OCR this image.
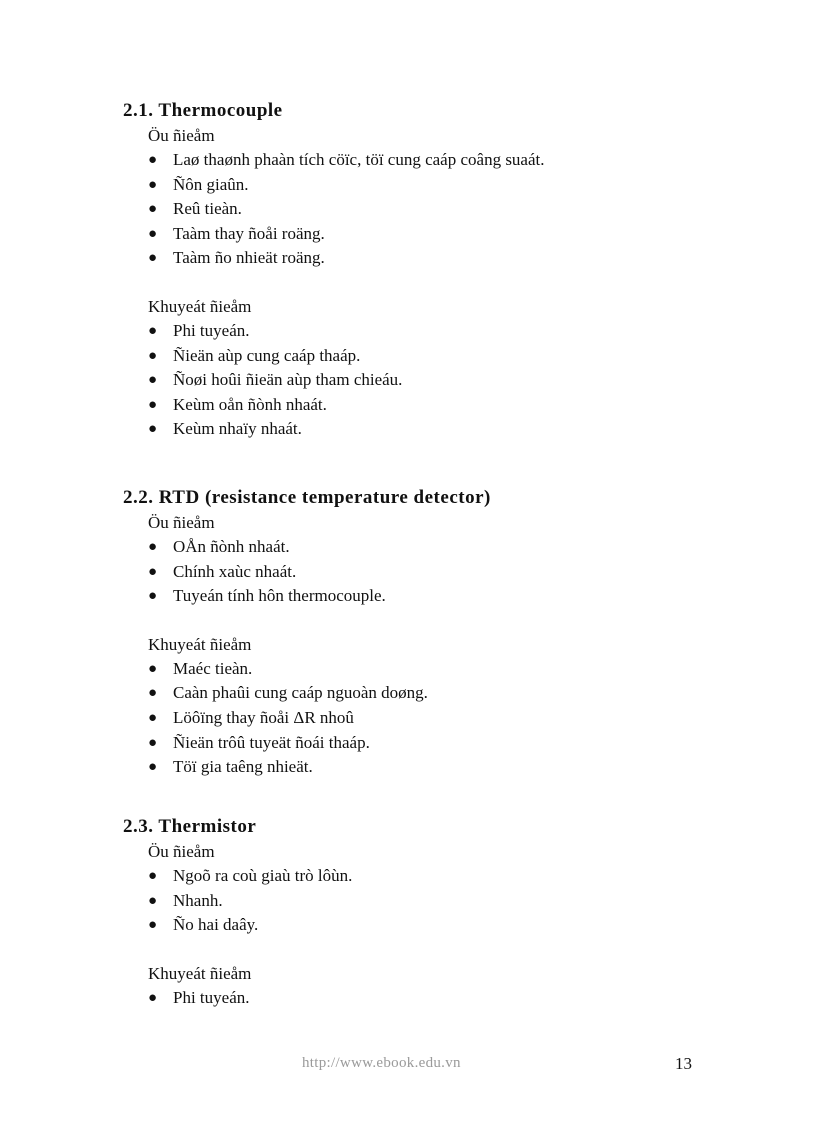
2.1. Thermocouple

Öu ñieåm

● Laø thaønh phaàn tích cöïc, töï cung caáp coâng suaát.
● Ñôn giaûn.
● Reû tieàn.
● Taàm thay ñoåi roäng.
● Taàm ño nhieät roäng.

Khuyeát ñieåm

● Phi tuyeán.
● Ñieän aùp cung caáp thaáp.
● Ñoøi hoûi ñieän aùp tham chieáu.
● Keùm oån ñònh nhaát.
● Keùm nhaïy nhaát.
2.2. RTD (resistance temperature detector)

Öu ñieåm

● OÅn ñònh nhaát.
● Chính xaùc nhaát.
● Tuyeán tính hôn thermocouple.

Khuyeát ñieåm

● Maéc tieàn.
● Caàn phaûi cung caáp nguoàn doøng.
● Löôïng thay ñoåi ΔR nhoû
● Ñieän trôû tuyeät ñoái thaáp.
● Töï gia taêng nhieät.
2.3. Thermistor

Öu ñieåm

● Ngoõ ra coù giaù trò lôùn.
● Nhanh.
● Ño hai daây.

Khuyeát ñieåm

● Phi tuyeán.
http://www.ebook.edu.vn	13
